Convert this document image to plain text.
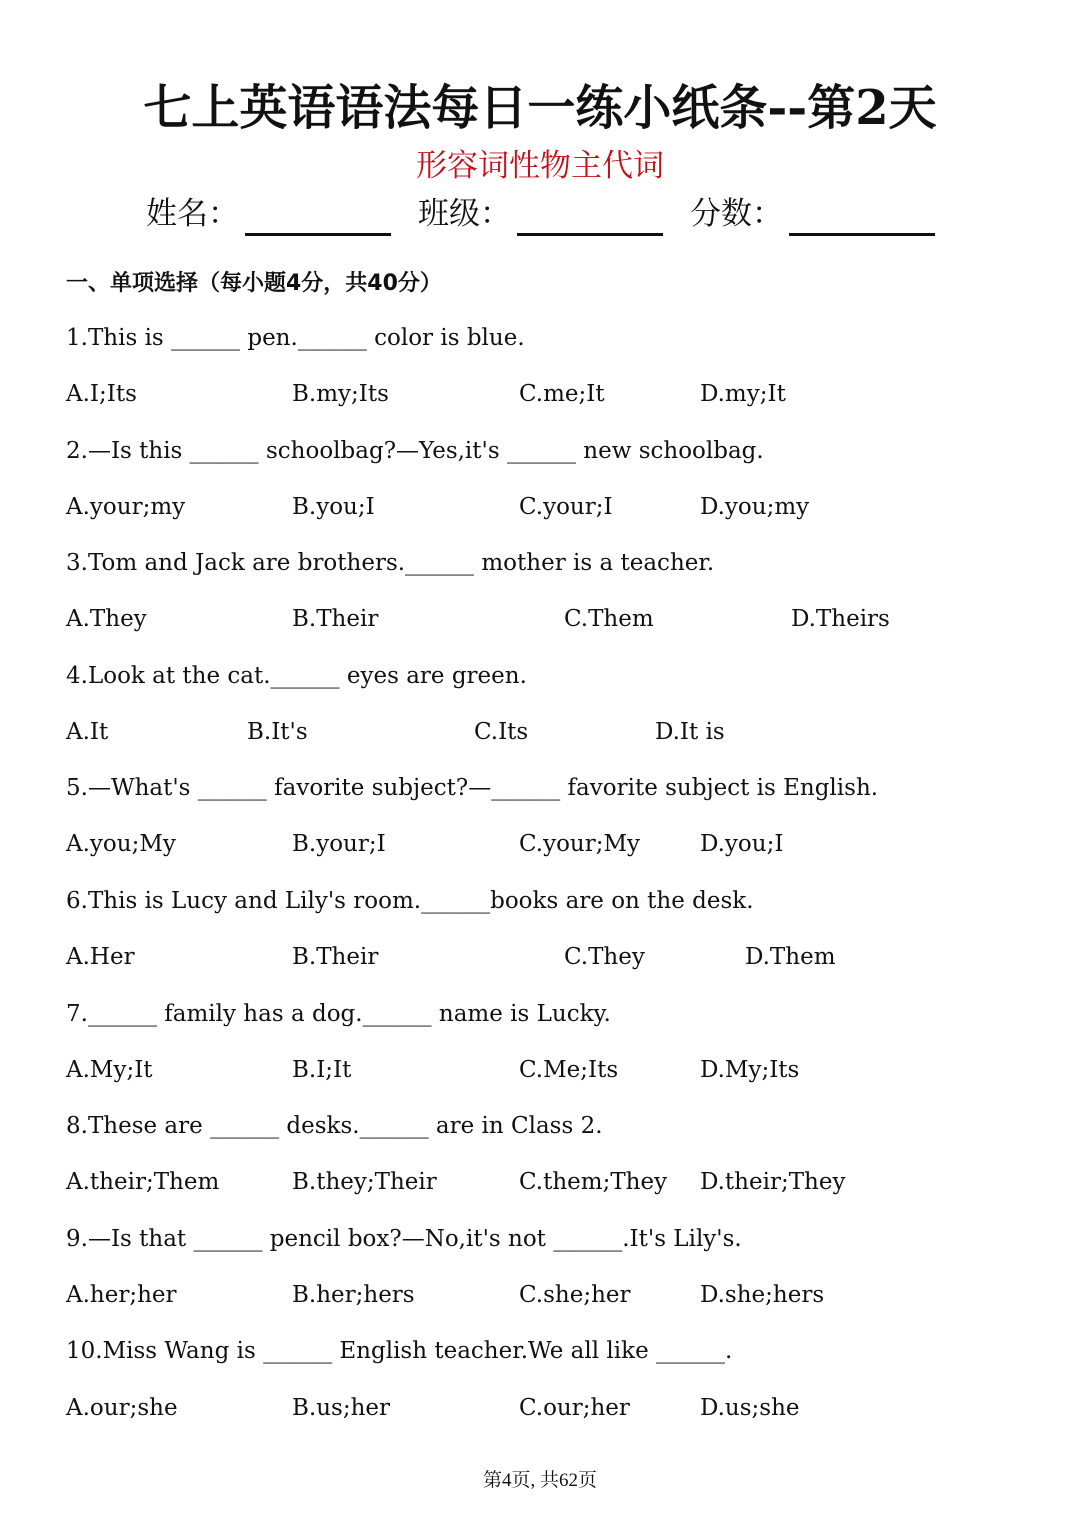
七上英语语法每日一练小纸条--第2天
形容词性物主代词
姓名：	班级：	分数：
一、单项选择（每小题4分，共40分）
1.This is ______ pen.______ color is blue.
A.I;Its	B.my;Its	C.me;It	D.my;It
2.—Is this ______ schoolbag?—Yes,it's ______ new schoolbag.
A.your;my	B.you;I	C.your;I	D.you;my
3.Tom and Jack are brothers.______ mother is a teacher.
A.They	B.Their	C.Them	D.Theirs
4.Look at the cat.______ eyes are green.
A.It	B.It's	C.Its	D.It is
5.—What's ______ favorite subject?—______ favorite subject is English.
A.you;My	B.your;I	C.your;My	D.you;I
6.This is Lucy and Lily's room.______books are on the desk.
A.Her	B.Their	C.They	D.Them
7.______ family has a dog.______ name is Lucky.
A.My;It	B.I;It	C.Me;Its	D.My;Its
8.These are ______ desks.______ are in Class 2.
A.their;Them	B.they;Their	C.them;They D.their;They
9.—Is that ______ pencil box?—No,it's not ______.It's Lily's.
A.her;her	B.her;hers	C.she;her	D.she;hers
10.Miss Wang is ______ English teacher.We all like ______.
A.our;she	B.us;her	C.our;her	D.us;she
第4页, 共62页
